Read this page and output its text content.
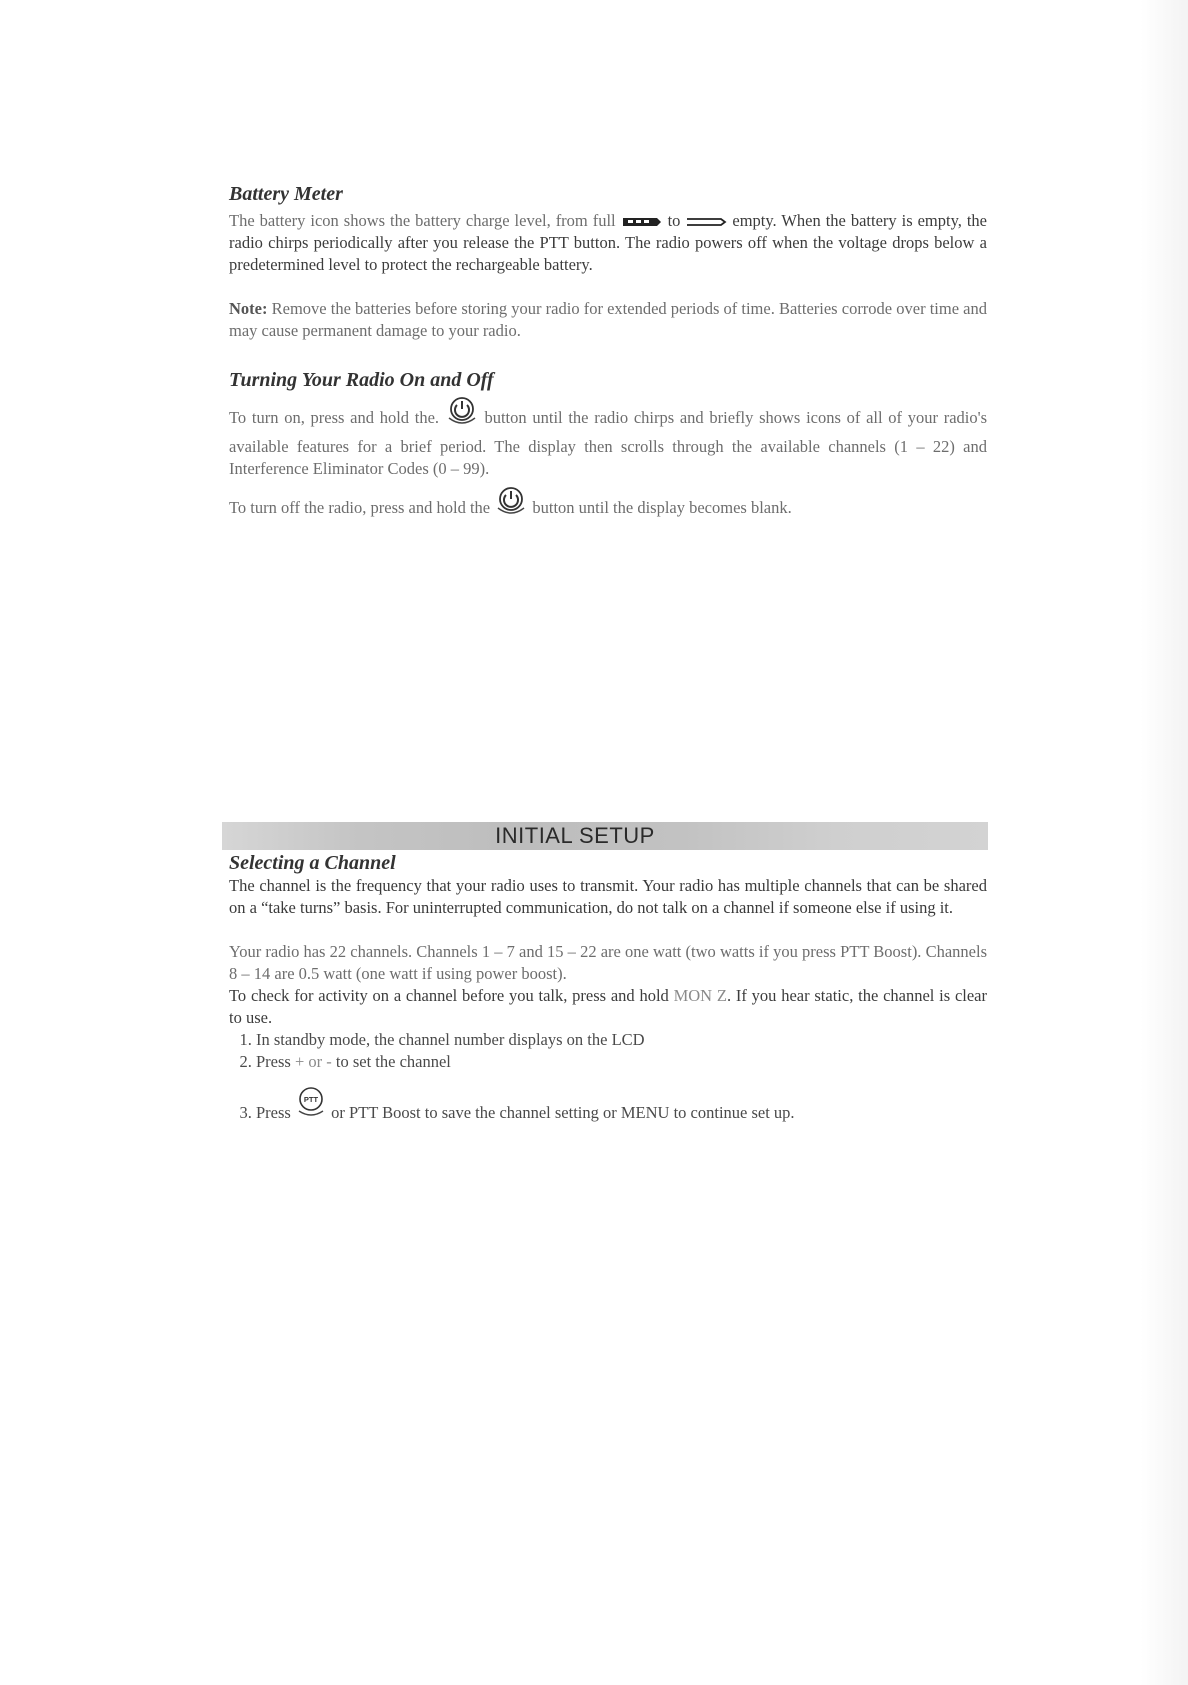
Battery Meter

The battery icon shows the battery charge level, from full	to	empty. When the battery is empty, the radio chirps periodically after you release the PTT button. The radio powers off when the voltage drops below a predetermined level to protect the rechargeable battery.

Note: Remove the batteries before storing your radio for extended periods of time. Batteries corrode over time and may cause permanent damage to your radio.

Turning Your Radio On and Off

To turn on, press and hold the.	button until the radio chirps and briefly shows icons of all of your radio's available features for a brief period. The display then scrolls through the available channels (1 – 22) and Interference Eliminator Codes (0 – 99).

To turn off the radio, press and hold the	button until the display becomes blank.

INITIAL SETUP
Selecting a Channel

The channel is the frequency that your radio uses to transmit. Your radio has multiple channels that can be shared on a “take turns” basis. For uninterrupted communication, do not talk on a channel if someone else if using it.

Your radio has 22 channels. Channels 1 – 7 and 15 – 22 are one watt (two watts if you press PTT Boost). Channels 8 – 14 are 0.5 watt (one watt if using power boost).

To check for activity on a channel before you talk, press and hold MON Z. If you hear static, the channel is clear to use.

1. In standby mode, the channel number displays on the LCD
2. Press + or - to set the channel
3. Press
PTT
or PTT Boost to save the channel setting or MENU to continue set up.
